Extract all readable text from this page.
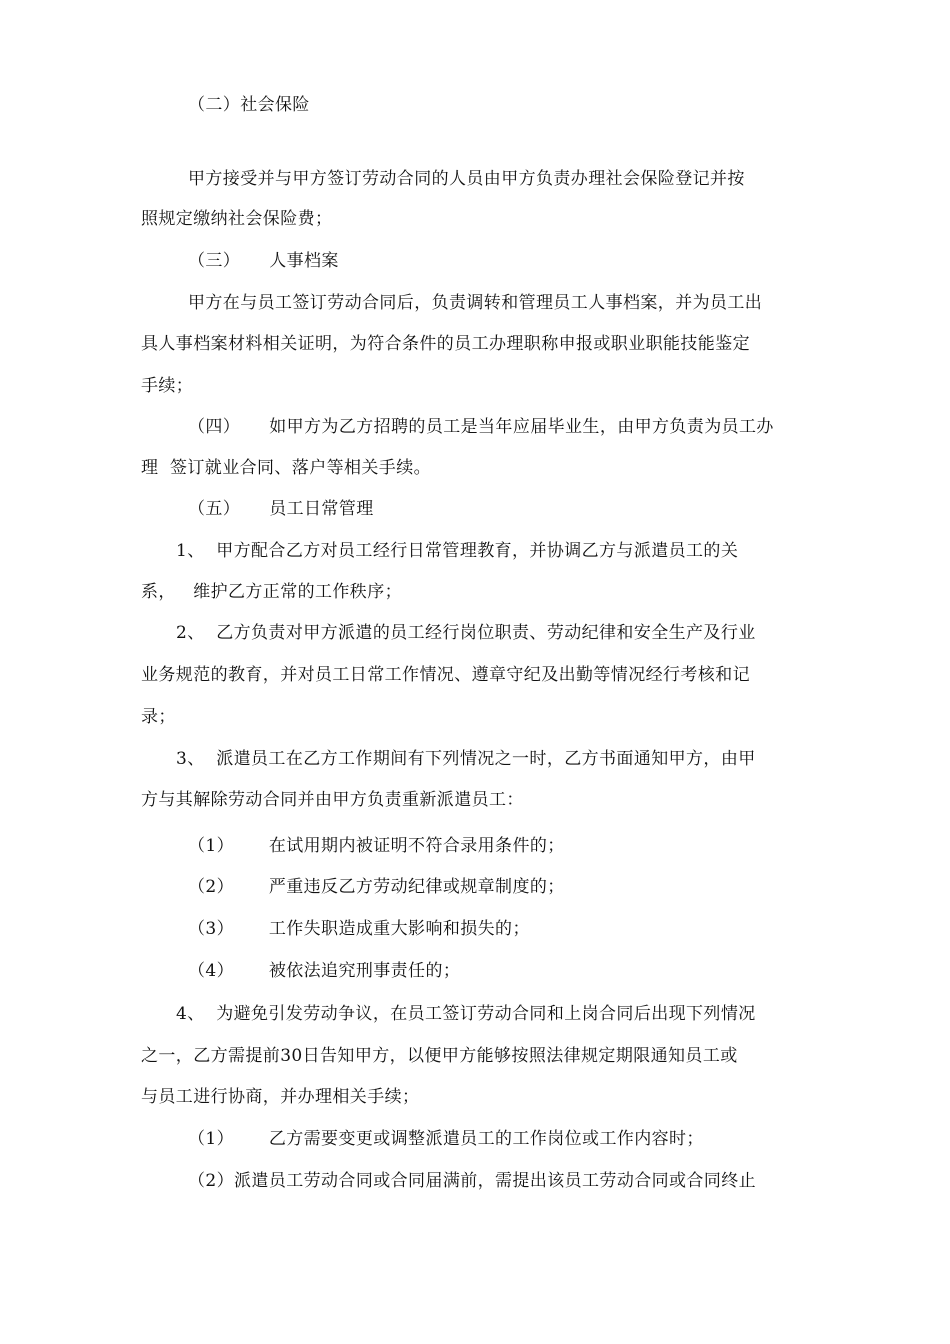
（二）社会保险
甲方接受并与甲方签订劳动合同的人员由甲方负责办理社会保险登记并按
照规定缴纳社会保险费；
（三）     人事档案
甲方在与员工签订劳动合同后，负责调转和管理员工人事档案，并为员工出
具人事档案材料相关证明，为符合条件的员工办理职称申报或职业职能技能鉴定
手续；
（四）     如甲方为乙方招聘的员工是当年应届毕业生，由甲方负责为员工办
理  签订就业合同、落户等相关手续。
（五）     员工日常管理
1、  甲方配合乙方对员工经行日常管理教育，并协调乙方与派遣员工的关
系，   维护乙方正常的工作秩序；
2、  乙方负责对甲方派遣的员工经行岗位职责、劳动纪律和安全生产及行业
业务规范的教育，并对员工日常工作情况、遵章守纪及出勤等情况经行考核和记
录；
3、  派遣员工在乙方工作期间有下列情况之一时，乙方书面通知甲方，由甲
方与其解除劳动合同并由甲方负责重新派遣员工：
（1）      在试用期内被证明不符合录用条件的；
（2）      严重违反乙方劳动纪律或规章制度的；
（3）      工作失职造成重大影响和损失的；
（4）      被依法追究刑事责任的；
4、  为避免引发劳动争议，在员工签订劳动合同和上岗合同后出现下列情况
之一，乙方需提前30日告知甲方，以便甲方能够按照法律规定期限通知员工或
与员工进行协商，并办理相关手续；
（1）      乙方需要变更或调整派遣员工的工作岗位或工作内容时；
（2）派遣员工劳动合同或合同届满前，需提出该员工劳动合同或合同终止
